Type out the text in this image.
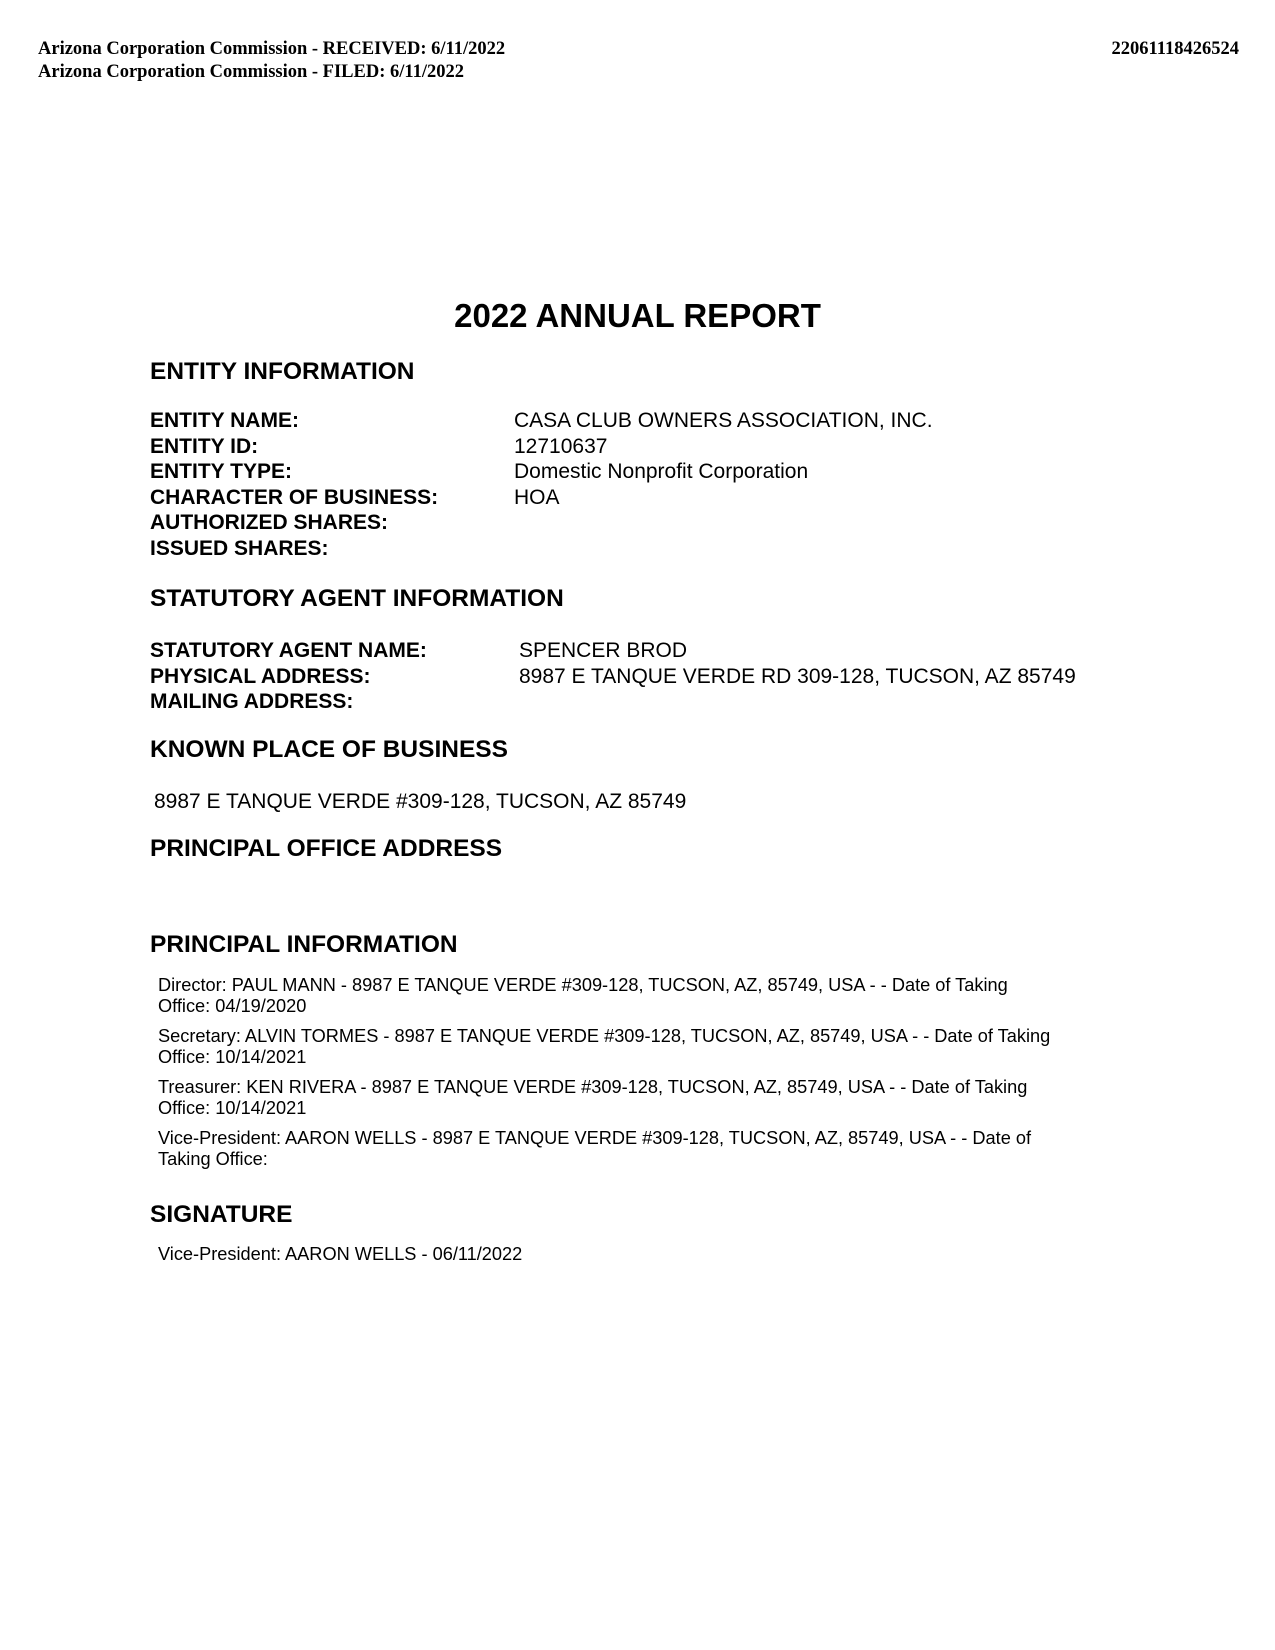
Arizona Corporation Commission - RECEIVED: 6/11/2022
Arizona Corporation Commission - FILED: 6/11/2022
22061118426524
2022 ANNUAL REPORT
ENTITY INFORMATION
ENTITY NAME:	CASA CLUB OWNERS ASSOCIATION, INC.
ENTITY ID:	12710637
ENTITY TYPE:	Domestic Nonprofit Corporation
CHARACTER OF BUSINESS:	HOA
AUTHORIZED SHARES:
ISSUED SHARES:
STATUTORY AGENT INFORMATION
STATUTORY AGENT NAME:	SPENCER BROD
PHYSICAL ADDRESS:	8987 E TANQUE VERDE RD 309-128, TUCSON, AZ 85749
MAILING ADDRESS:
KNOWN PLACE OF BUSINESS
8987 E TANQUE VERDE #309-128, TUCSON, AZ 85749
PRINCIPAL OFFICE ADDRESS
PRINCIPAL INFORMATION
Director: PAUL MANN - 8987 E TANQUE VERDE #309-128, TUCSON, AZ, 85749, USA - - Date of Taking
Office: 04/19/2020
Secretary: ALVIN TORMES - 8987 E TANQUE VERDE #309-128, TUCSON, AZ, 85749, USA - - Date of Taking
Office: 10/14/2021
Treasurer: KEN RIVERA - 8987 E TANQUE VERDE #309-128, TUCSON, AZ, 85749, USA - - Date of Taking
Office: 10/14/2021
Vice-President: AARON WELLS - 8987 E TANQUE VERDE #309-128, TUCSON, AZ, 85749, USA - - Date of
Taking Office:
SIGNATURE
Vice-President: AARON WELLS - 06/11/2022
